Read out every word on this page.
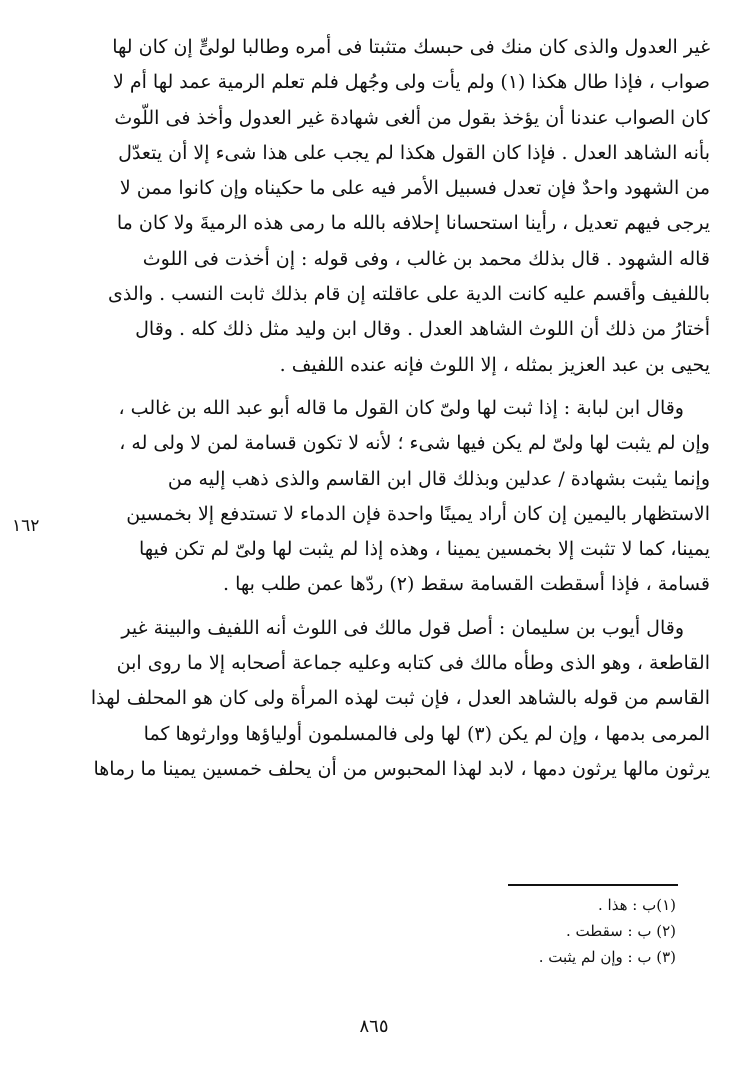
غير العدول والذى كان منك فى حبسك متثبتا فى أمره وطالبا لولىٍّ إن كان لها
صواب ، فإذا طال هكذا (١) ولم يأت ولى وجُهل فلم تعلم الرمية عمد لها أم لا
كان الصواب عندنا أن يؤخذ بقول من ألغى شهادة غير العدول وأخذ فى اللّوث
بأنه الشاهد العدل . فإذا كان القول هكذا لم يجب على هذا شىء إلا أن يتعدّل
من الشهود واحدٌ فإن تعدل فسبيل الأمر فيه على ما حكيناه وإن كانوا ممن لا
يرجى فيهم تعديل ، رأينا استحسانا إحلافه بالله ما رمى هذه الرميةَ ولا كان ما
قاله الشهود . قال بذلك محمد بن غالب ، وفى قوله : إن أخذت فى اللوث
باللفيف وأقسم عليه كانت الدية على عاقلته إن قام بذلك ثابت النسب . والذى
أختارُ من ذلك أن اللوث الشاهد العدل . وقال ابن وليد مثل ذلك كله . وقال
يحيى بن عبد العزيز بمثله ، إلا اللوث فإنه عنده اللفيف .

وقال ابن لبابة : إذا ثبت لها ولىّ كان القول ما قاله أبو عبد الله بن غالب ،
وإن لم يثبت لها ولىّ لم يكن فيها شىء ؛ لأنه لا تكون قسامة لمن لا ولى له ،
وإنما يثبت بشهادة / عدلين وبذلك قال ابن القاسم والذى ذهب إليه من
الاستظهار باليمين إن كان أراد يمينًا واحدة فإن الدماء لا تستدفع إلا بخمسين
يمينا، كما لا تثبت إلا بخمسين يمينا ، وهذه إذا لم يثبت لها ولىّ لم تكن فيها
قسامة ، فإذا أسقطت القسامة سقط (٢) ردّها عمن طلب بها .

وقال أيوب بن سليمان : أصل قول مالك فى اللوث أنه اللفيف والبينة غير
القاطعة ، وهو الذى وطأه مالك فى كتابه وعليه جماعة أصحابه إلا ما روى ابن
القاسم من قوله بالشاهد العدل ، فإن ثبت لهذه المرأة ولى كان هو المحلف لهذا
المرمى بدمها ، وإن لم يكن (٣) لها ولى فالمسلمون أولياؤها ووارثوها كما
يرثون مالها يرثون دمها ، لابد لهذا المحبوس من أن يحلف خمسين يمينا ما رماها

١٦٢
(١)ب : هذا .
(٢) ب : سقطت .
(٣) ب : وإن لم يثبت .
٨٦٥
